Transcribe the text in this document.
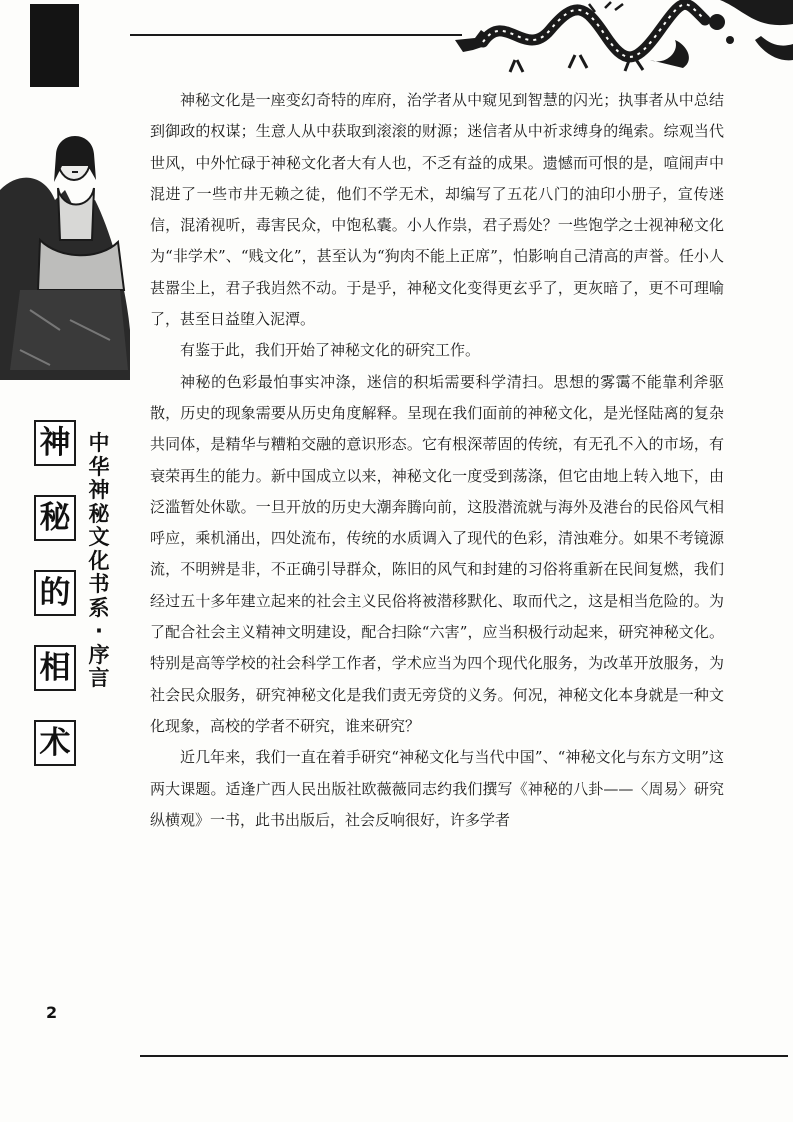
中华神秘文化书系·序言
神
秘
的
相
术

神秘文化是一座变幻奇特的库府，治学者从中窥见到智慧的闪光；执事者从中总结到御政的权谋；生意人从中获取到滚滚的财源；迷信者从中祈求缚身的绳索。综观当代世风，中外忙碌于神秘文化者大有人也，不乏有益的成果。遗憾而可恨的是，喧闹声中混进了一些市井无赖之徒，他们不学无术，却编写了五花八门的油印小册子，宣传迷信，混淆视听，毒害民众，中饱私囊。小人作祟，君子焉处？一些饱学之士视神秘文化为“非学术”、“贱文化”，甚至认为“狗肉不能上正席”，怕影响自己清高的声誉。任小人甚嚣尘上，君子我岿然不动。于是乎，神秘文化变得更玄乎了，更灰暗了，更不可理喻了，甚至日益堕入泥潭。

有鉴于此，我们开始了神秘文化的研究工作。

神秘的色彩最怕事实冲涤，迷信的积垢需要科学清扫。思想的雾霭不能靠利斧驱散，历史的现象需要从历史角度解释。呈现在我们面前的神秘文化，是光怪陆离的复杂共同体，是精华与糟粕交融的意识形态。它有根深蒂固的传统，有无孔不入的市场，有衰荣再生的能力。新中国成立以来，神秘文化一度受到荡涤，但它由地上转入地下，由泛滥暂处休歇。一旦开放的历史大潮奔腾向前，这股潜流就与海外及港台的民俗风气相呼应，乘机涌出，四处流布，传统的水质调入了现代的色彩，清浊难分。如果不考镜源流，不明辨是非，不正确引导群众，陈旧的风气和封建的习俗将重新在民间复燃，我们经过五十多年建立起来的社会主义民俗将被潜移默化、取而代之，这是相当危险的。为了配合社会主义精神文明建设，配合扫除“六害”，应当积极行动起来，研究神秘文化。特别是高等学校的社会科学工作者，学术应当为四个现代化服务，为改革开放服务，为社会民众服务，研究神秘文化是我们责无旁贷的义务。何况，神秘文化本身就是一种文化现象，高校的学者不研究，谁来研究？

近几年来，我们一直在着手研究“神秘文化与当代中国”、“神秘文化与东方文明”这两大课题。适逢广西人民出版社欧薇薇同志约我们撰写《神秘的八卦——〈周易〉研究纵横观》一书，此书出版后，社会反响很好，许多学者

2
